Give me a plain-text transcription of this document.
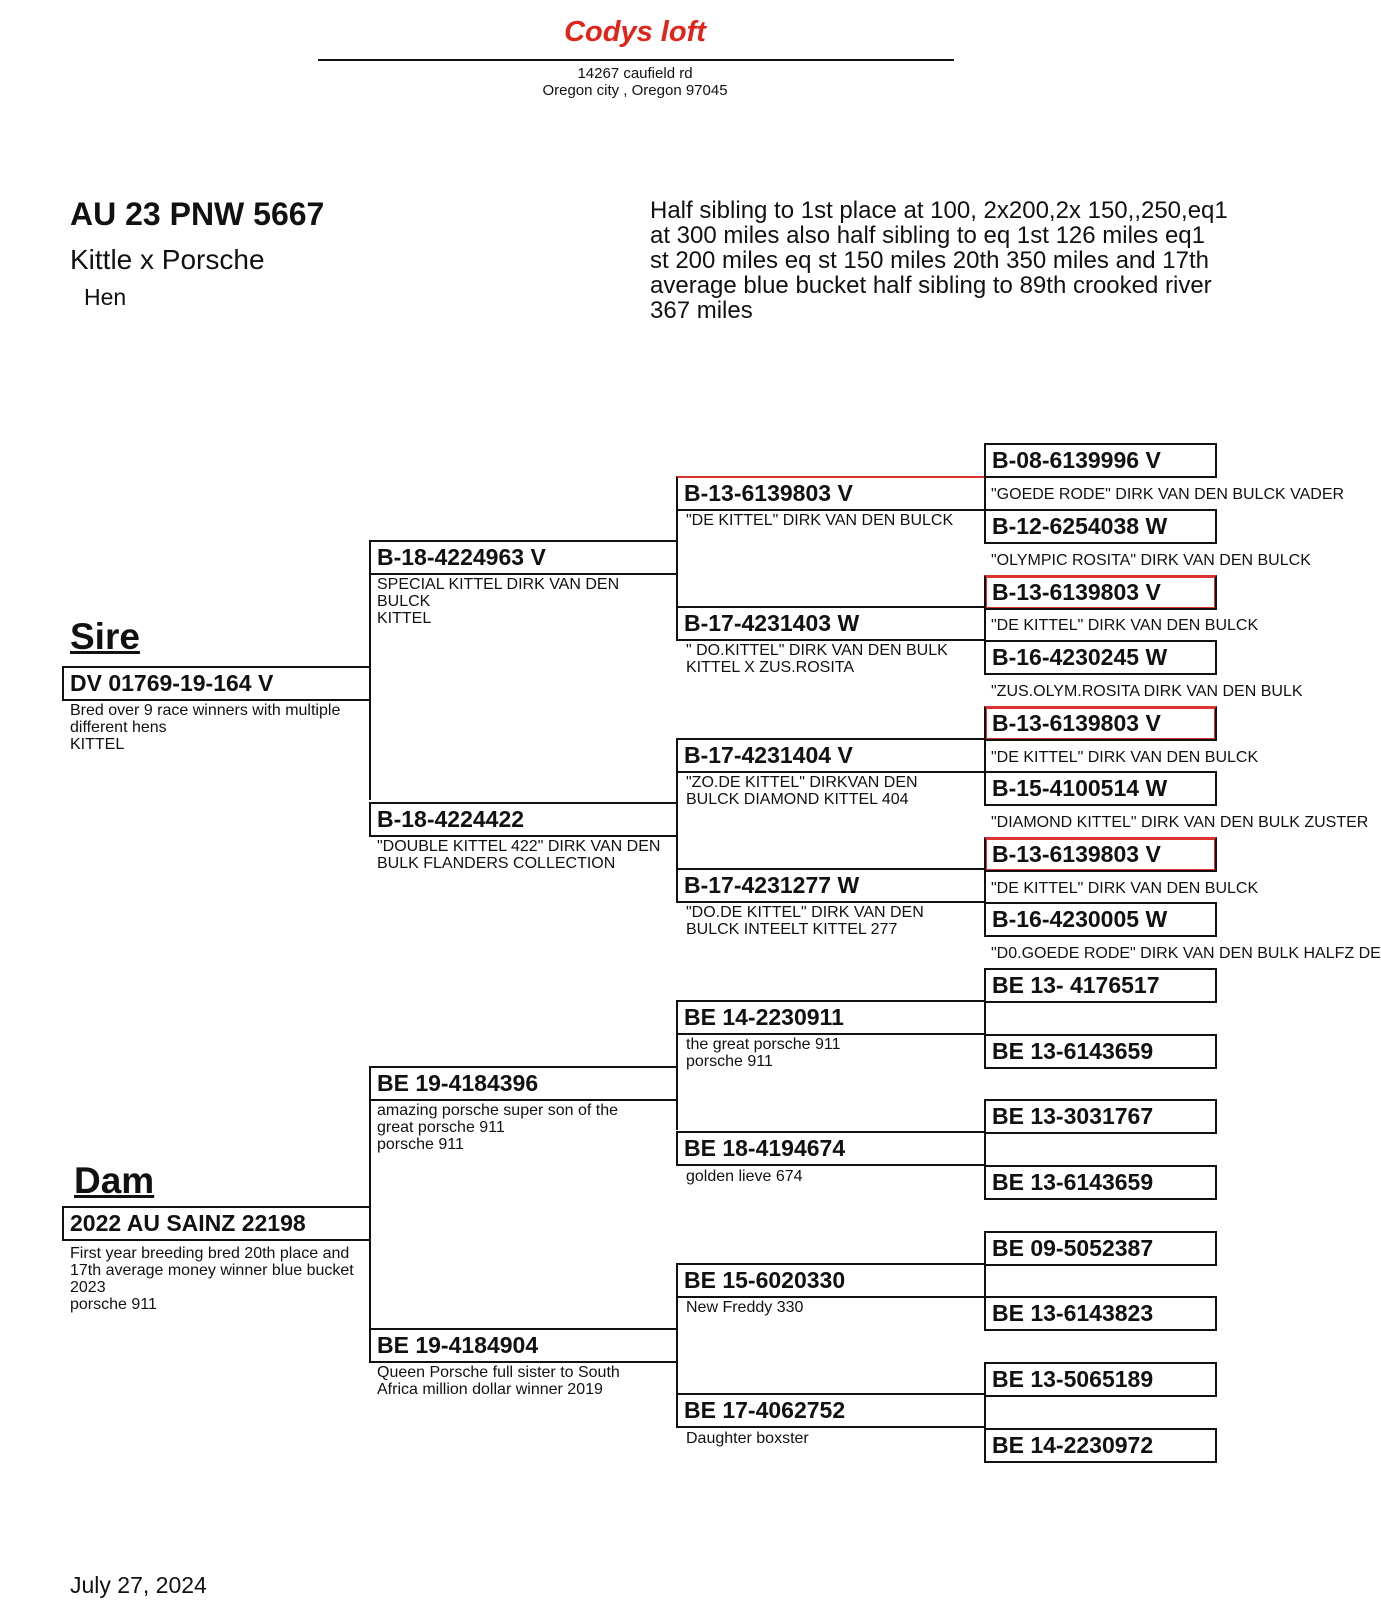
Codys loft
14267 caufield rd
Oregon city , Oregon 97045
AU 23 PNW 5667
Kittle x Porsche
Hen
Half sibling to 1st place at 100, 2x200,2x 150,,250,eq1 at 300 miles also half sibling to eq 1st 126 miles eq1 st 200 miles eq st 150 miles 20th 350 miles and 17th average blue bucket half sibling to 89th crooked river 367 miles
Sire
DV 01769-19-164 V
Bred over 9 race winners with multiple different hens
KITTEL
Dam
2022 AU SAINZ 22198
First year breeding bred 20th place and 17th average money winner blue bucket 2023
porsche 911
B-18-4224963 V
SPECIAL KITTEL DIRK VAN DEN BULCK
KITTEL
B-18-4224422
"DOUBLE KITTEL 422" DIRK VAN DEN BULK FLANDERS COLLECTION
BE 19-4184396
amazing porsche super son of the great porsche 911
porsche 911
BE 19-4184904
Queen Porsche full sister to South Africa million dollar winner 2019
B-13-6139803 V
"DE KITTEL" DIRK VAN DEN BULCK
B-17-4231403 W
" DO.KITTEL" DIRK VAN DEN BULK
KITTEL X ZUS.ROSITA
B-17-4231404 V
"ZO.DE KITTEL" DIRKVAN DEN BULCK DIAMOND KITTEL 404
B-17-4231277 W
"DO.DE KITTEL" DIRK VAN DEN BULCK INTEELT KITTEL 277
BE 14-2230911
the great porsche 911
porsche 911
BE 18-4194674
golden lieve 674
BE 15-6020330
New Freddy 330
BE 17-4062752
Daughter boxster
B-08-6139996 V
"GOEDE RODE" DIRK VAN DEN BULCK VADER
B-12-6254038 W
"OLYMPIC ROSITA" DIRK VAN DEN BULCK
B-13-6139803 V
"DE KITTEL" DIRK VAN DEN BULCK
B-16-4230245 W
"ZUS.OLYM.ROSITA DIRK VAN DEN BULK
B-13-6139803 V
"DE KITTEL" DIRK VAN DEN BULCK
B-15-4100514 W
"DIAMOND KITTEL" DIRK VAN DEN BULK ZUSTER
B-13-6139803 V
"DE KITTEL" DIRK VAN DEN BULCK
B-16-4230005 W
"D0.GOEDE RODE" DIRK VAN DEN BULK HALFZ DE
BE 13- 4176517
BE 13-6143659
BE 13-3031767
BE 13-6143659
BE 09-5052387
BE 13-6143823
BE 13-5065189
BE 14-2230972
July 27, 2024
